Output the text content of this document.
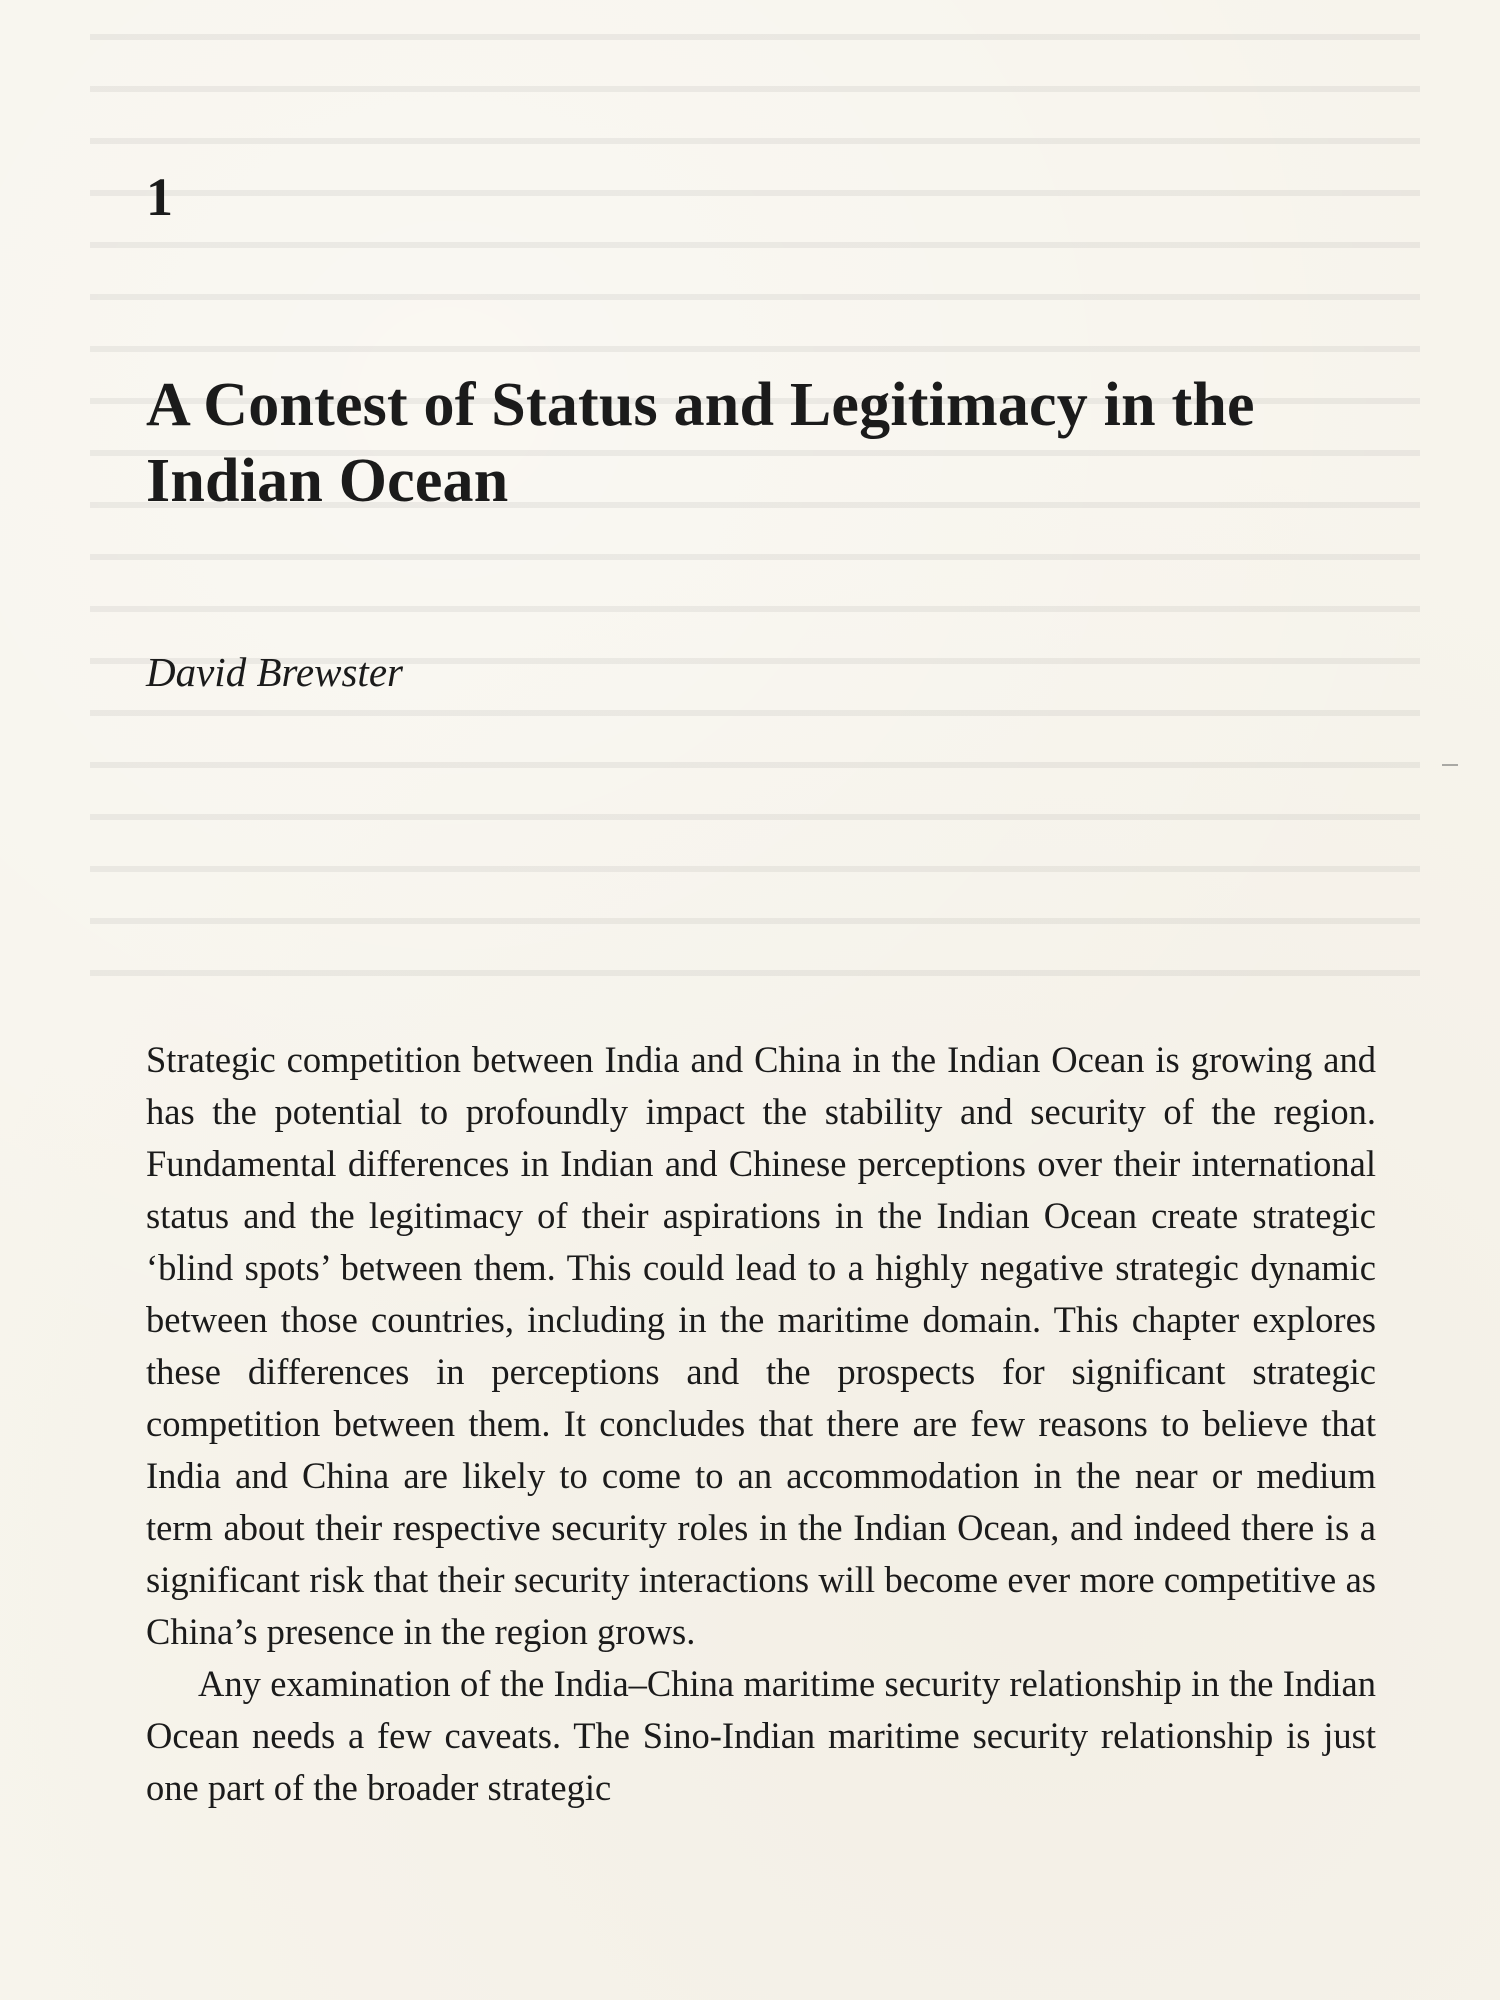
1
A Contest of Status and Legitimacy in the Indian Ocean
David Brewster

Strategic competition between India and China in the Indian Ocean is growing and has the potential to profoundly impact the stability and security of the region. Fundamental differences in Indian and Chinese perceptions over their international status and the legitimacy of their aspirations in the Indian Ocean create strategic ‘blind spots’ between them. This could lead to a highly negative strategic dynamic between those countries, including in the maritime domain. This chapter explores these differences in perceptions and the prospects for significant strategic competition between them. It concludes that there are few reasons to believe that India and China are likely to come to an accommodation in the near or medium term about their respective security roles in the Indian Ocean, and indeed there is a significant risk that their security interactions will become ever more competitive as China’s presence in the region grows.

Any examination of the India–China maritime security relationship in the Indian Ocean needs a few caveats. The Sino-Indian maritime security relationship is just one part of the broader strategic
